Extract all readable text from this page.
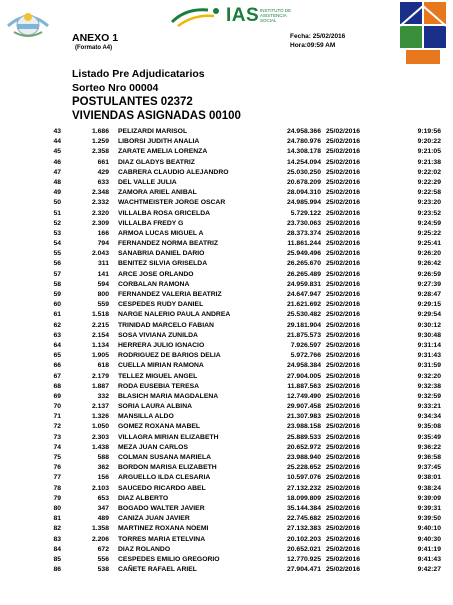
IAS INSTITUTO DE ASISTENCIA SOCIAL
ANEXO 1
(Formato A4)
Fecha: 25/02/2016
Hora:09:59 AM
Listado Pre Adjudicatarios
Sorteo Nro 00004
POSTULANTES 02372
VIVIENDAS ASIGNADAS 00100
43	1.686 PELIZARDI MARISOL	24.958.366 25/02/2016	9:19:56
44	1.259 LIBORSI JUDITH ANALIA	24.780.976 25/02/2016	9:20:22
45	2.358 ZARATE AMELIA LORENZA	14.308.178 25/02/2016	9:21:05
46	661 DIAZ GLADYS BEATRIZ	14.254.094 25/02/2016	9:21:38
47	429 CABRERA CLAUDIO ALEJANDRO	25.030.250 25/02/2016	9:22:02
48	633 DEL VALLE JULIA	20.678.209 25/02/2016	9:22:29
49	2.348 ZAMORA ARIEL ANIBAL	28.094.310 25/02/2016	9:22:58
50	2.332 WACHTMEISTER JORGE OSCAR	24.985.994 25/02/2016	9:23:20
51	2.320 VILLALBA ROSA GRICELDA	5.729.122 25/02/2016	9:23:52
52	2.309 VILLALBA FREDY G	23.730.063 25/02/2016	9:24:59
53	166 ARMOA LUCAS MIGUEL A	28.373.374 25/02/2016	9:25:22
54	794 FERNANDEZ NORMA BEATRIZ	11.861.244 25/02/2016	9:25:41
55	2.043 SANABRIA DANIEL DARIO	25.949.496 25/02/2016	9:26:20
56	311 BENITEZ SILVIA GRISELDA	26.265.670 25/02/2016	9:26:42
57	141 ARCE JOSE ORLANDO	26.265.489 25/02/2016	9:26:59
58	594 CORBALAN RAMONA	24.959.831 25/02/2016	9:27:39
59	800 FERNANDEZ VALERIA BEATRIZ	24.647.947 25/02/2016	9:28:47
60	559 CESPEDES RUDY DANIEL	21.621.692 25/02/2016	9:29:15
61	1.518 NARGE NALERIO PAULA ANDREA	25.530.482 25/02/2016	9:29:54
62	2.215 TRINIDAD MARCELO FABIAN	29.181.904 25/02/2016	9:30:12
63	2.154 SOSA VIVIANA ZUNILDA	21.875.573 25/02/2016	9:30:48
64	1.134 HERRERA JULIO IGNACIO	7.926.597 25/02/2016	9:31:14
65	1.905 RODRIGUEZ DE BARIOS DELIA	5.972.766 25/02/2016	9:31:43
66	618 CUELLA MIRIAN RAMONA	24.958.384 25/02/2016	9:31:59
67	2.179 TELLEZ MIGUEL ANGEL	27.904.005 25/02/2016	9:32:20
68	1.887 RODA EUSEBIA TERESA	11.887.563 25/02/2016	9:32:38
69	332 BLASICH MARIA MAGDALENA	12.749.490 25/02/2016	9:32:59
70	2.137 SORIA LAURA ALBINA	29.907.458 25/02/2016	9:33:21
71	1.326 MANSILLA ALDO	21.307.983 25/02/2016	9:34:34
72	1.050 GOMEZ ROXANA MABEL	23.988.158 25/02/2016	9:35:08
73	2.303 VILLAGRA MIRIAN ELIZABETH	25.889.533 25/02/2016	9:35:49
74	1.438 MEZA JUAN CARLOS	20.652.972 25/02/2016	9:36:22
75	588 COLMAN SUSANA MARIELA	23.988.940 25/02/2016	9:36:58
76	362 BORDON MARISA ELIZABETH	25.228.652 25/02/2016	9:37:45
77	156 ARGUELLO ILDA CLESARIA	10.597.076 25/02/2016	9:38:01
78	2.103 SAUCEDO RICARDO ABEL	27.132.232 25/02/2016	9:38:24
79	653 DIAZ ALBERTO	18.099.809 25/02/2016	9:39:09
80	347 BOGADO WALTER JAVIER	35.144.384 25/02/2016	9:39:31
81	489 CANIZA JUAN JAVIER	22.745.682 25/02/2016	9:39:50
82	1.358 MARTINEZ ROXANA NOEMI	27.132.383 25/02/2016	9:40:10
83	2.206 TORRES MARIA ETELVINA	20.102.203 25/02/2016	9:40:30
84	672 DIAZ ROLANDO	20.652.021 25/02/2016	9:41:19
85	556 CESPEDES EMILIO GREGORIO	12.770.925 25/02/2016	9:41:43
86	538 CAÑETE RAFAEL ARIEL	27.904.471 25/02/2016	9:42:27
